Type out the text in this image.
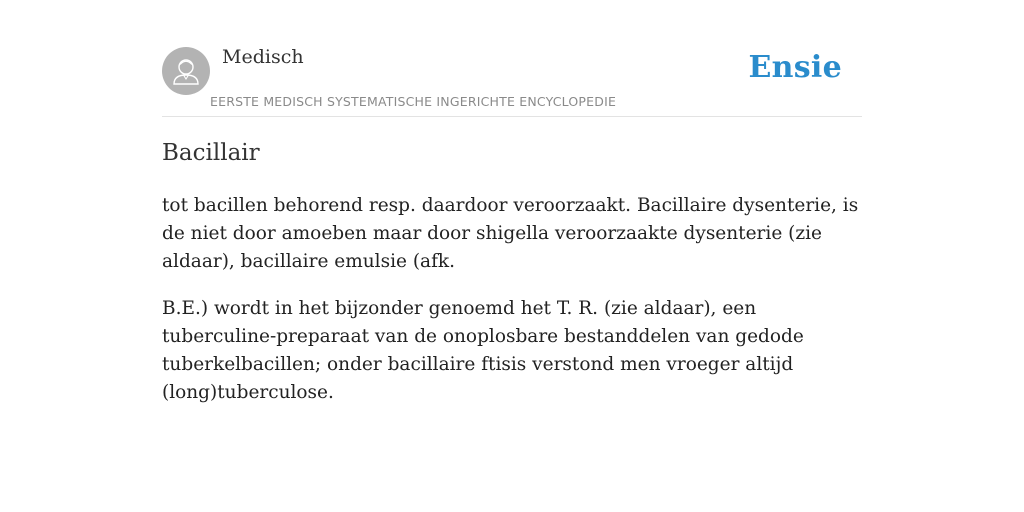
Medisch
EERSTE MEDISCH SYSTEMATISCHE INGERICHTE ENCYCLOPEDIE
Ensie
Bacillair

tot bacillen behorend resp. daardoor veroorzaakt. Bacillaire dysenterie, is de niet door amoeben maar door shigella veroorzaakte dysenterie (zie aldaar), bacillaire emulsie (afk.

B.E.) wordt in het bijzonder genoemd het T. R. (zie aldaar), een tuberculine-preparaat van de onoplosbare bestanddelen van gedode tuberkelbacillen; onder bacillaire ftisis verstond men vroeger altijd (long)tuberculose.
